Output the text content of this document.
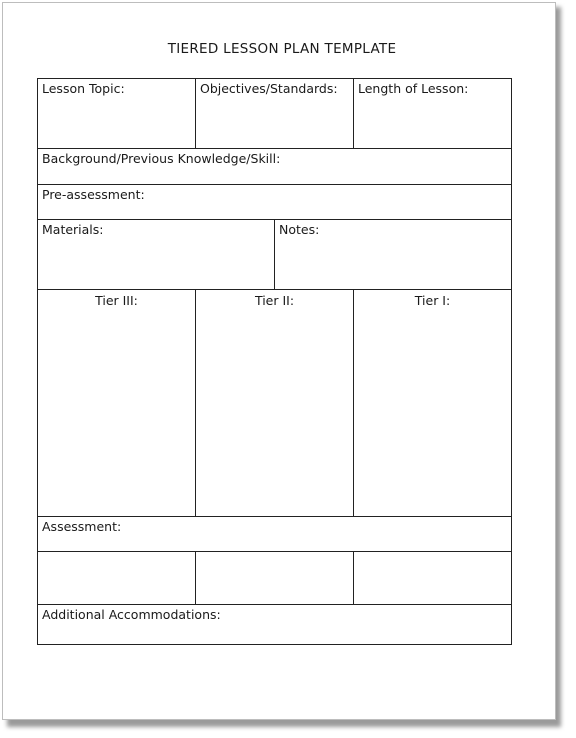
TIERED LESSON PLAN TEMPLATE
Lesson Topic:	Objectives/Standards: Length of Lesson:
Background/Previous Knowledge/Skill:
Pre-assessment:
Materials:	Notes:
Tier III:	Tier II:	Tier I:
Assessment:
Additional Accommodations:
